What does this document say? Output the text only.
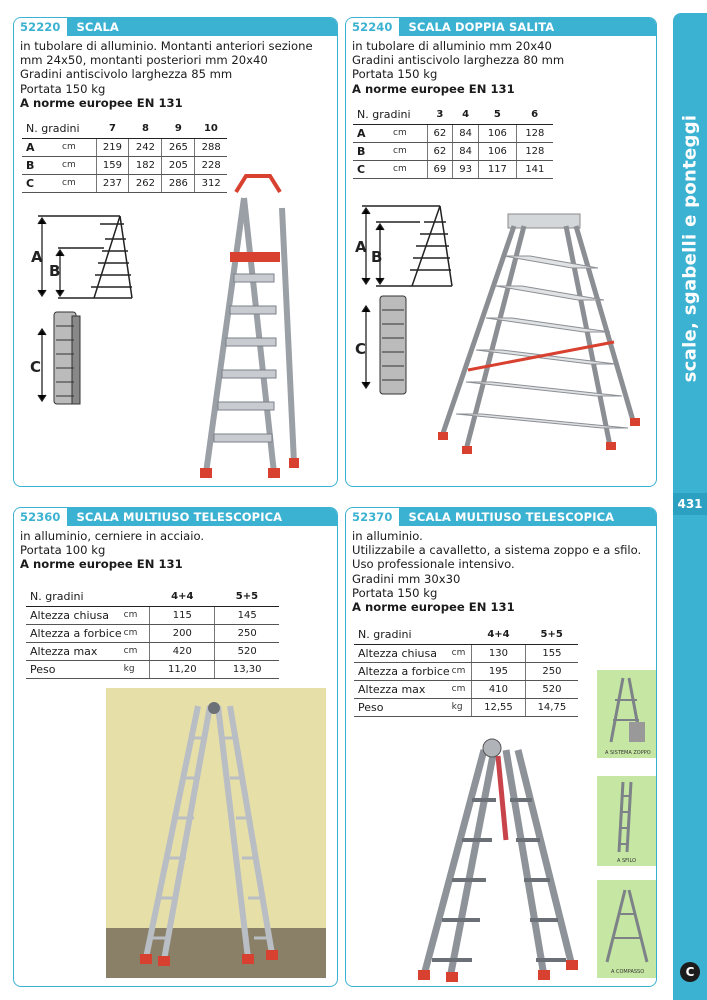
52220	SCALA
in tubolare di alluminio. Montanti anteriori sezione
mm 24x50, montanti posteriori mm 20x40
Gradini antiscivolo larghezza 85 mm
Portata 150 kg
A norme europee EN 131
N. gradini		7	8	9	10
A	cm	219	242	265	288
B	cm	159	182	205	228
C	cm	237	262	286	312
A
B
C
52240	SCALA DOPPIA SALITA
in tubolare di alluminio mm 20x40
Gradini antiscivolo larghezza 80 mm
Portata 150 kg
A norme europee EN 131
N. gradini		3	4	5	6
A	cm	62	84	106	128
B	cm	62	84	106	128
C	cm	69	93	117	141
A
B
C
52360	SCALA MULTIUSO TELESCOPICA
in alluminio, cerniere in acciaio.
Portata 100 kg
A norme europee EN 131
N. gradini		4+4	5+5
Altezza chiusa	cm	115	145
Altezza a forbice	cm	200	250
Altezza max	cm	420	520
Peso	kg	11,20	13,30
52370	SCALA MULTIUSO TELESCOPICA
in alluminio.
Utilizzabile a cavalletto, a sistema zoppo e a sfilo.
Uso professionale intensivo.
Gradini mm 30x30
Portata 150 kg
A norme europee EN 131
N. gradini		4+4	5+5
Altezza chiusa	cm	130	155
Altezza a forbice	cm	195	250
Altezza max	cm	410	520
Peso	kg	12,55	14,75
A SISTEMA ZOPPO
A SFILO
A COMPASSO
scale, sgabelli e ponteggi
431
C
